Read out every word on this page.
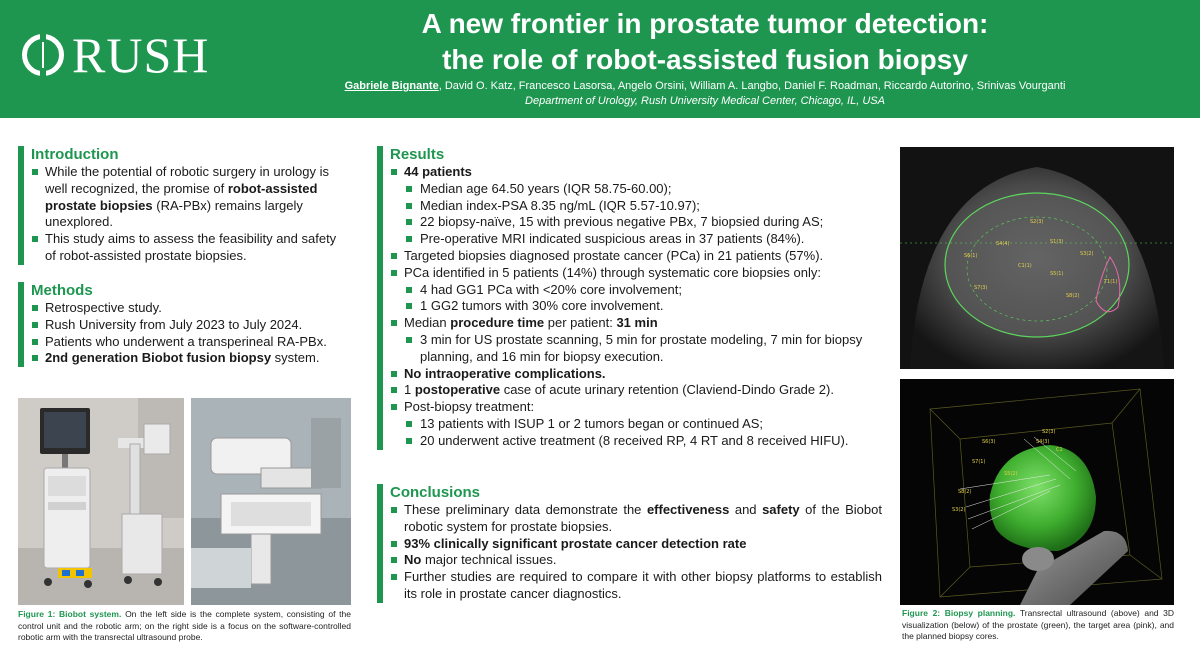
RUSH
A new frontier in prostate tumor detection:
the role of robot-assisted fusion biopsy
Gabriele Bignante, David O. Katz, Francesco Lasorsa, Angelo Orsini, William A. Langbo, Daniel F. Roadman, Riccardo Autorino, Srinivas Vourganti
Department of Urology, Rush University Medical Center, Chicago, IL, USA
Introduction
While the potential of robotic surgery in urology is well recognized, the promise of robot-assisted prostate biopsies (RA-PBx) remains largely unexplored.
This study aims to assess the feasibility and safety of robot-assisted prostate biopsies.
Methods
Retrospective study.
Rush University from July 2023 to July 2024.
Patients who underwent a transperineal RA-PBx.
2nd generation Biobot fusion biopsy system.
Figure 1: Biobot system. On the left side is the complete system, consisting of the control unit and the robotic arm; on the right side is a focus on the software-controlled robotic arm with the transrectal ultrasound probe.
Results
44 patients
Median age 64.50 years (IQR 58.75-60.00);
Median index-PSA 8.35 ng/mL (IQR 5.57-10.97);
22 biopsy-naïve, 15 with previous negative PBx, 7 biopsied during AS;
Pre-operative MRI indicated suspicious areas in 37 patients (84%).
Targeted biopsies diagnosed prostate cancer (PCa) in 21 patients (57%).
PCa identified in 5 patients (14%) through systematic core biopsies only:
4 had GG1 PCa with <20% core involvement;
1 GG2 tumors with 30% core involvement.
Median procedure time per patient: 31 min
3 min for US prostate scanning, 5 min for prostate modeling, 7 min for biopsy planning, and 16 min for biopsy execution.
No intraoperative complications.
1 postoperative case of acute urinary retention (Claviend-Dindo Grade 2).
Post-biopsy treatment:
13 patients with ISUP 1 or 2 tumors began or continued AS;
20 underwent active treatment (8 received RP, 4 RT and 8 received HIFU).
Conclusions
These preliminary data demonstrate the effectiveness and safety of the Biobot robotic system for prostate biopsies.
93% clinically significant prostate cancer detection rate
No major technical issues.
Further studies are required to compare it with other biopsy platforms to establish its role in prostate cancer diagnostics.
S2(3)
S4(4)	S1(3)
S6(1)	S3(2)
C1(1)
S5(1)
T1(1)
S7(3)
S8(2)
S2(3)
S6(3)	S4(3)
C1
S7(1)
S5(2)
S8(2)
S3(2)
Figure 2: Biopsy planning. Transrectal ultrasound (above) and 3D visualization (below) of the prostate (green), the target area (pink), and the planned biopsy cores.
